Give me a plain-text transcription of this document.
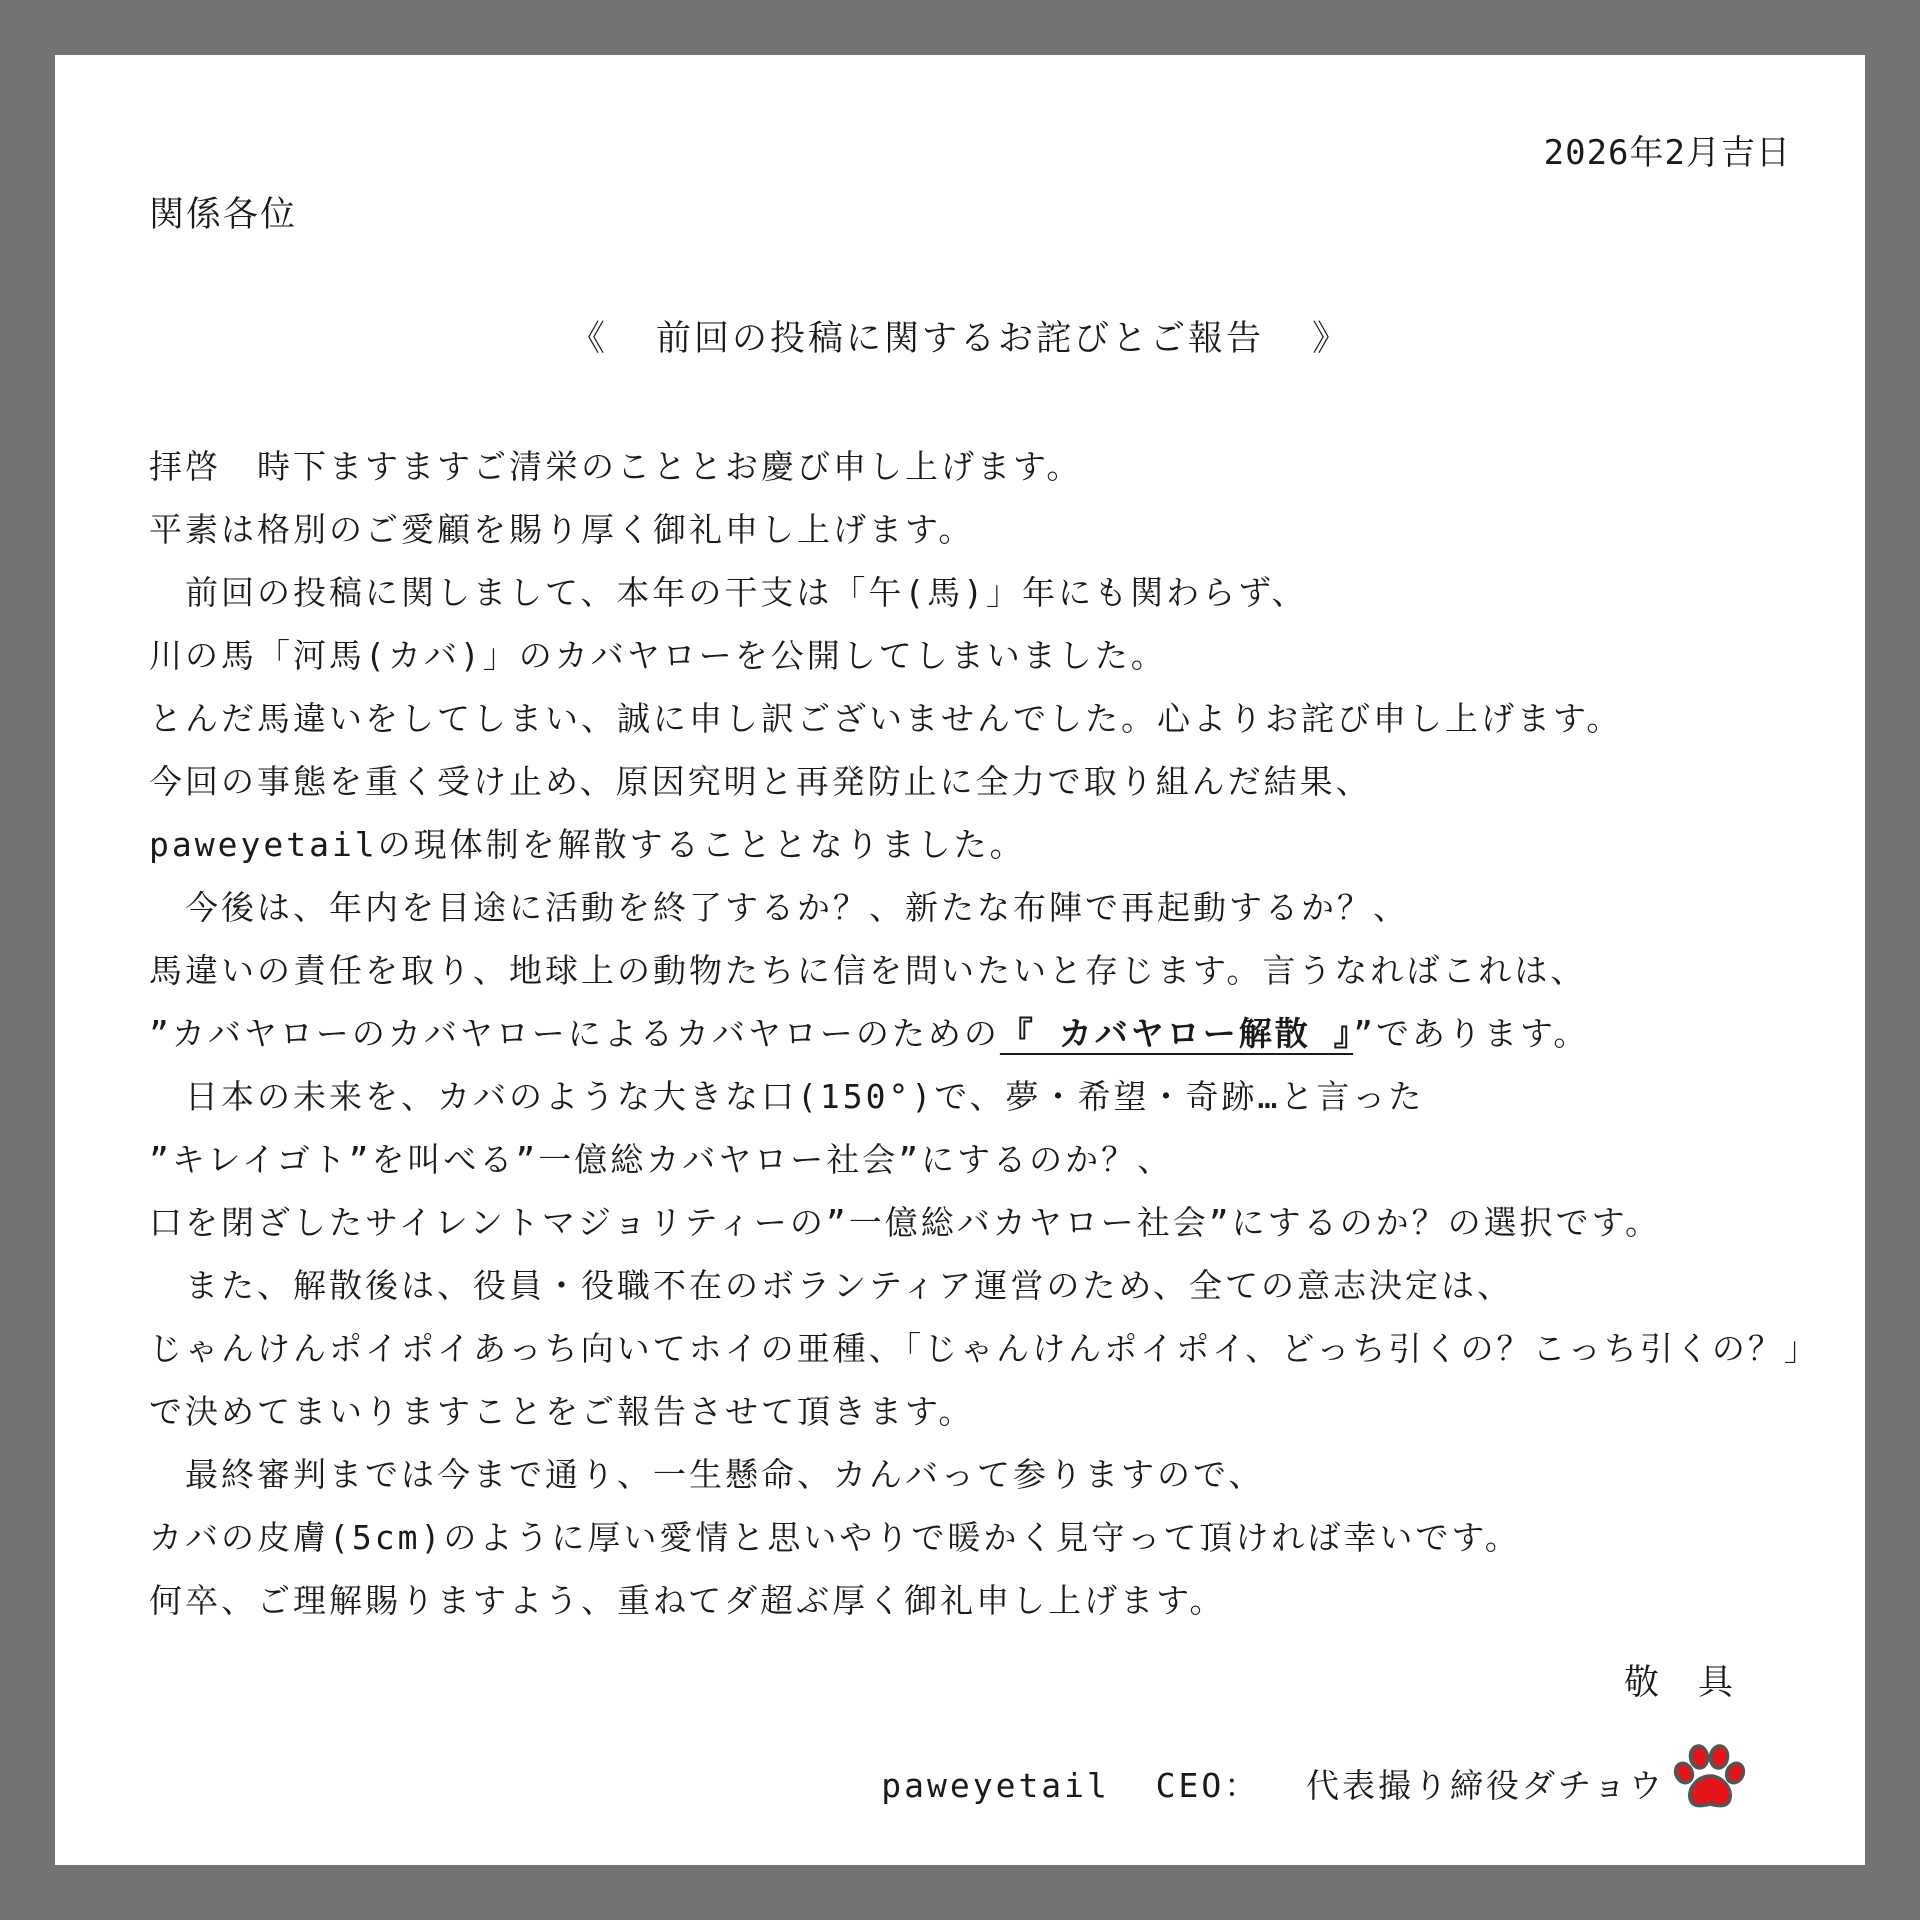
2026年2月吉日
関係各位
《  前回の投稿に関するお詫びとご報告  》
拝啓　時下ますますご清栄のこととお慶び申し上げます。
平素は格別のご愛顧を賜り厚く御礼申し上げます。
　前回の投稿に関しまして、本年の干支は「午(馬)」年にも関わらず、
川の馬「河馬(カバ)」のカバヤローを公開してしまいました。
とんだ馬違いをしてしまい、誠に申し訳ございませんでした。心よりお詫び申し上げます。
今回の事態を重く受け止め、原因究明と再発防止に全力で取り組んだ結果、
paweyetailの現体制を解散することとなりました。
　今後は、年内を目途に活動を終了するか？、新たな布陣で再起動するか？、
馬違いの責任を取り、地球上の動物たちに信を問いたいと存じます。言うなればこれは、
”カバヤローのカバヤローによるカバヤローのための『 カバヤロー解散 』”であります。
　日本の未来を、カバのような大きな口(150°)で、夢・希望・奇跡…と言った
”キレイゴト”を叫べる”一億総カバヤロー社会”にするのか？、
口を閉ざしたサイレントマジョリティーの”一億総バカヤロー社会”にするのか？の選択です。
　また、解散後は、役員・役職不在のボランティア運営のため、全ての意志決定は、
じゃんけんポイポイあっち向いてホイの亜種、「じゃんけんポイポイ、どっち引くの？こっち引くの？」
で決めてまいりますことをご報告させて頂きます。
　最終審判までは今まで通り、一生懸命、カんバって参りますので、
カバの皮膚(5cm)のように厚い愛情と思いやりで暖かく見守って頂ければ幸いです。
何卒、ご理解賜りますよう、重ねてダ超ぶ厚く御礼申し上げます。
敬　具
paweyetail  CEO：  代表撮り締役ダチョウ
